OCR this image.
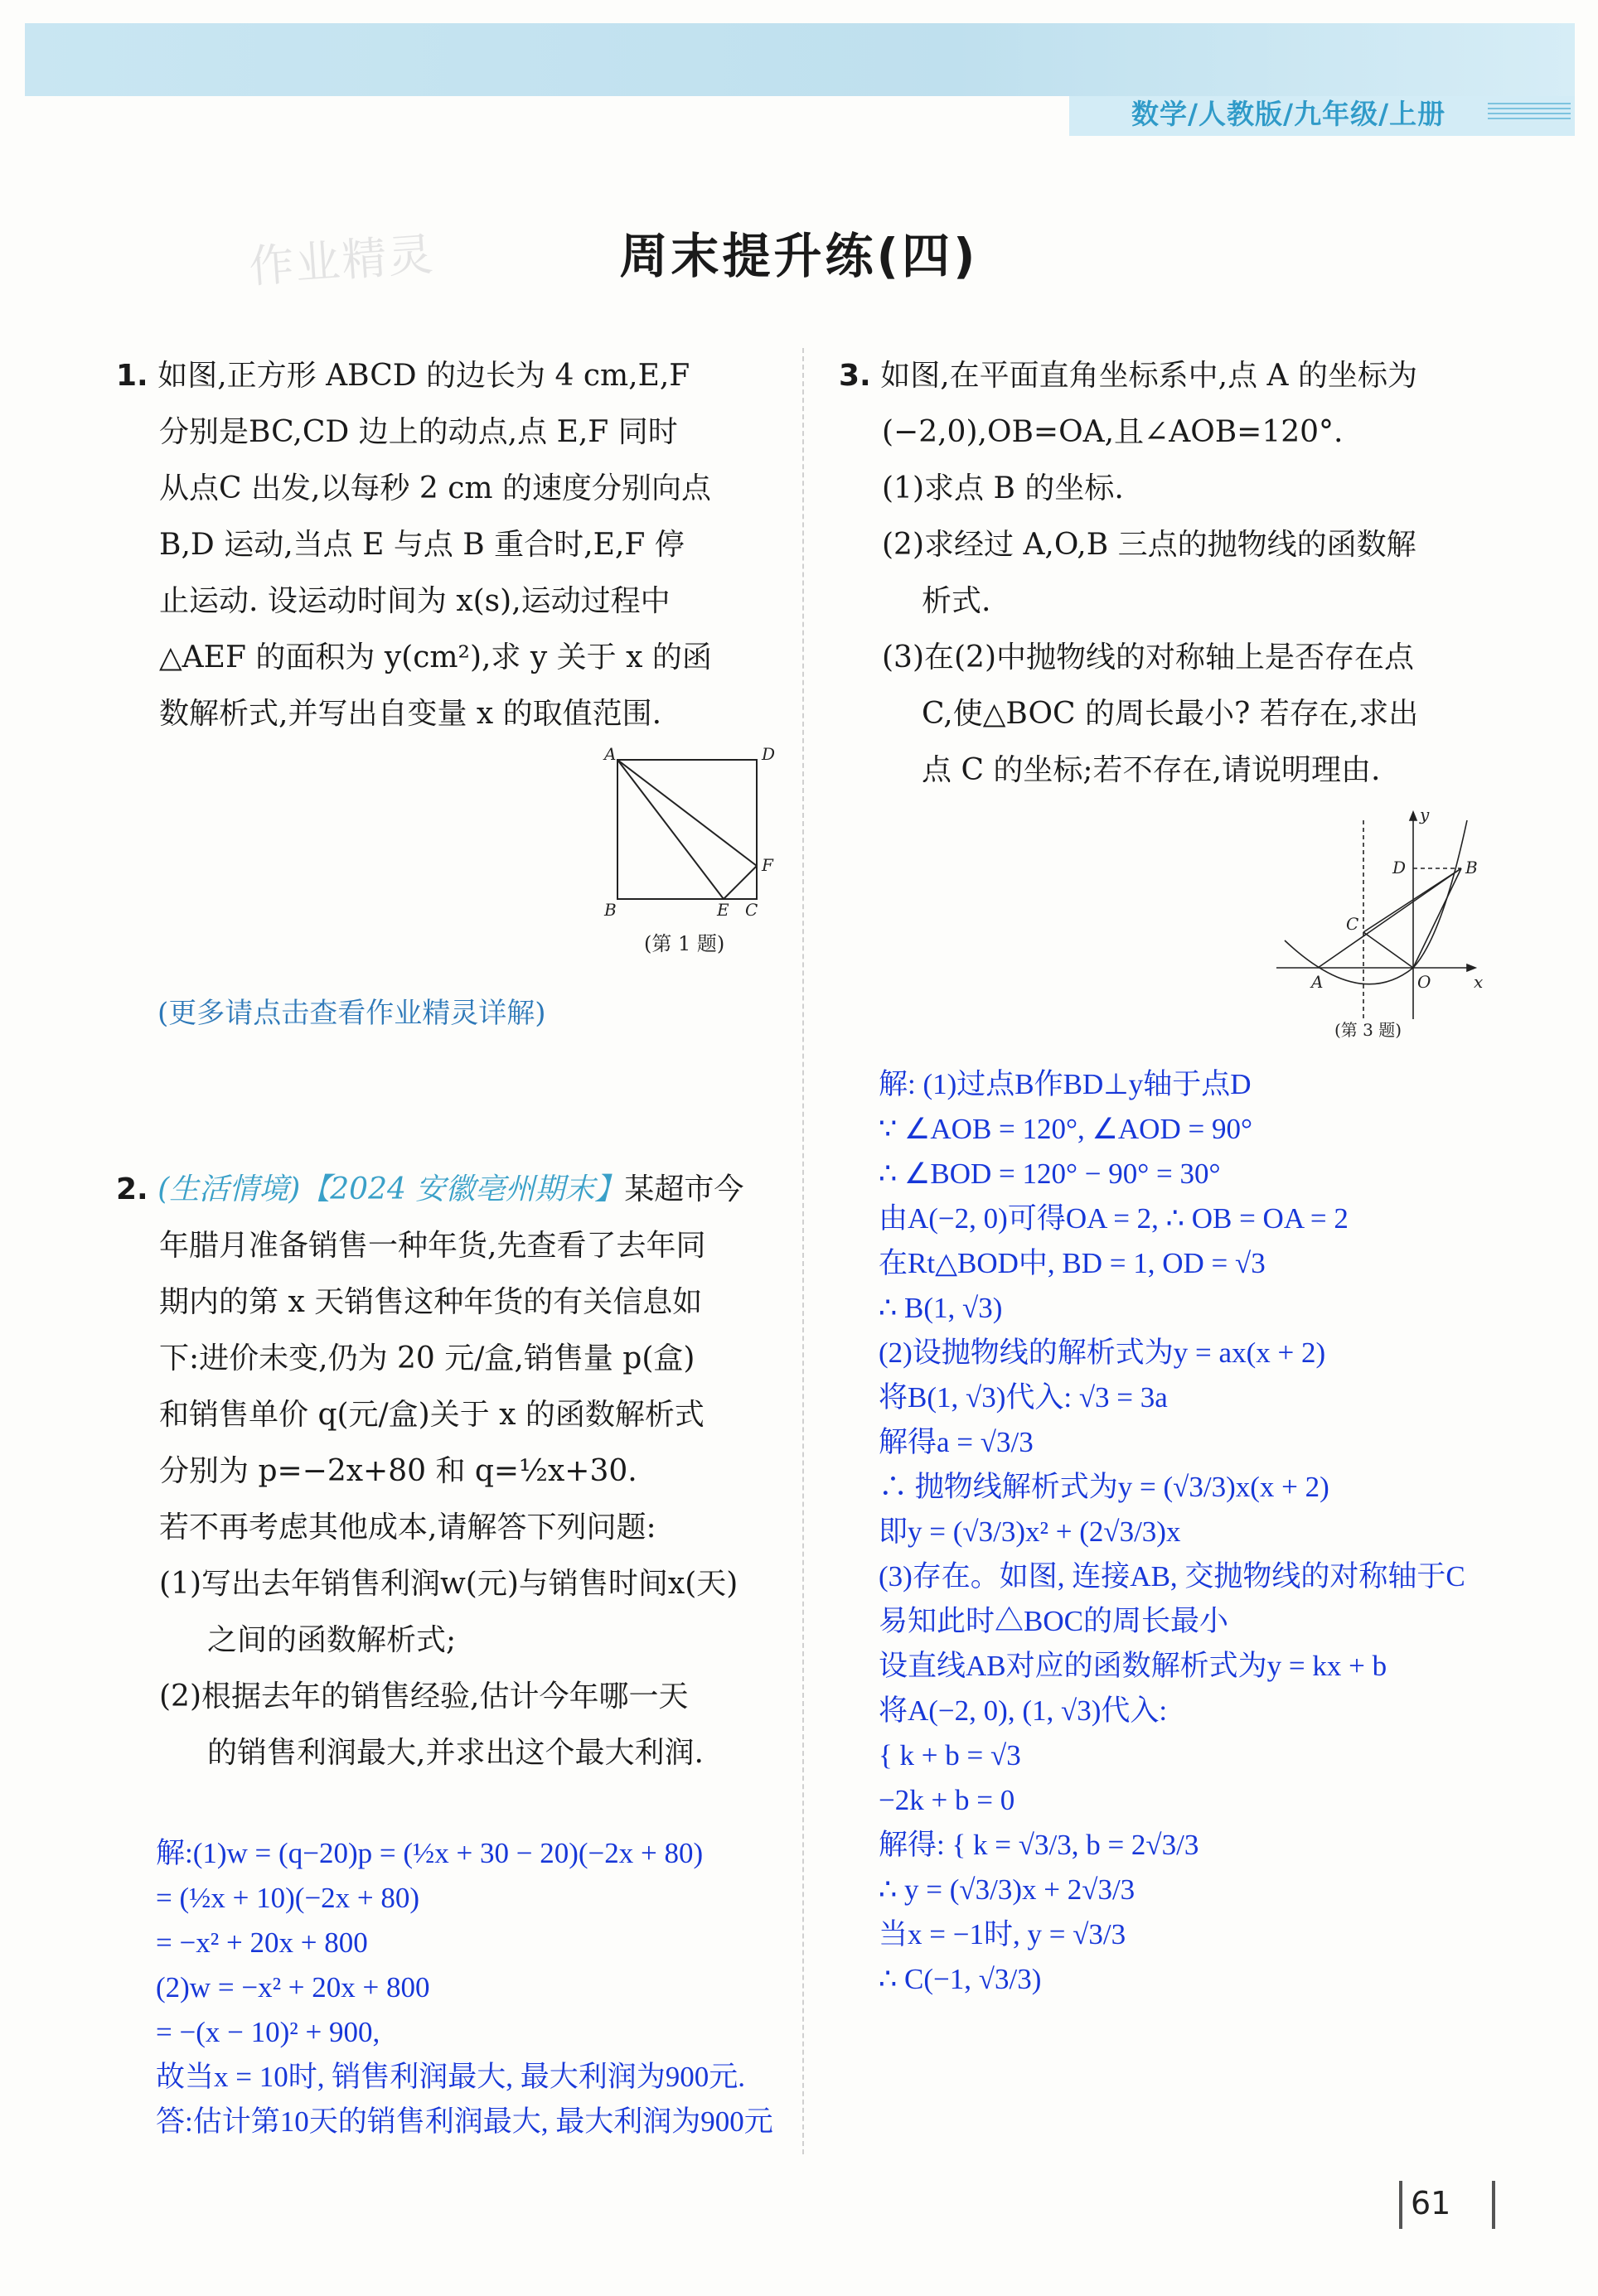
数学/人教版/九年级/上册
作业精灵	周末提升练(四)
1. 如图,正方形 ABCD 的边长为 4 cm,E,F
分别是BC,CD 边上的动点,点 E,F 同时
从点C 出发,以每秒 2 cm 的速度分别向点
B,D 运动,当点 E 与点 B 重合时,E,F 停
止运动. 设运动时间为 x(s),运动过程中
△AEF 的面积为 y(cm²),求 y 关于 x 的函
数解析式,并写出自变量 x 的取值范围.
A	D
B	E C
F
(第 1 题)
(更多请点击查看作业精灵详解)
2. (生活情境)【2024 安徽亳州期末】某超市今
年腊月准备销售一种年货,先查看了去年同
期内的第 x 天销售这种年货的有关信息如
下:进价未变,仍为 20 元/盒,销售量 p(盒)
和销售单价 q(元/盒)关于 x 的函数解析式
分别为 p=−2x+80 和 q=½x+30.
若不再考虑其他成本,请解答下列问题:
(1)写出去年销售利润w(元)与销售时间x(天)
之间的函数解析式;
(2)根据去年的销售经验,估计今年哪一天
的销售利润最大,并求出这个最大利润.
解:(1)w = (q−20)p = (½x + 30 − 20)(−2x + 80)
= (½x + 10)(−2x + 80)
= −x² + 20x + 800
(2)w = −x² + 20x + 800
= −(x − 10)² + 900,
故当x = 10时, 销售利润最大, 最大利润为900元.
答:估计第10天的销售利润最大, 最大利润为900元
3. 如图,在平面直角坐标系中,点 A 的坐标为
(−2,0),OB=OA,且∠AOB=120°.
(1)求点 B 的坐标.
(2)求经过 A,O,B 三点的抛物线的函数解
析式.
(3)在(2)中抛物线的对称轴上是否存在点
C,使△BOC 的周长最小? 若存在,求出
点 C 的坐标;若不存在,请说明理由.
y
x
O
A
B
C
D
(第 3 题)
解: (1)过点B作BD⊥y轴于点D
∵ ∠AOB = 120°, ∠AOD = 90°
∴ ∠BOD = 120° − 90° = 30°
由A(−2, 0)可得OA = 2, ∴ OB = OA = 2
在Rt△BOD中, BD = 1, OD = √3
∴ B(1, √3)
(2)设抛物线的解析式为y = ax(x + 2)
将B(1, √3)代入: √3 = 3a
解得a = √3/3
∴ 抛物线解析式为y = (√3/3)x(x + 2)
即y = (√3/3)x² + (2√3/3)x
(3)存在。如图, 连接AB, 交抛物线的对称轴于C
易知此时△BOC的周长最小
设直线AB对应的函数解析式为y = kx + b
将A(−2, 0), (1, √3)代入:
{ k + b = √3
−2k + b = 0
解得: { k = √3/3, b = 2√3/3
∴ y = (√3/3)x + 2√3/3
当x = −1时, y = √3/3
∴ C(−1, √3/3)
61
